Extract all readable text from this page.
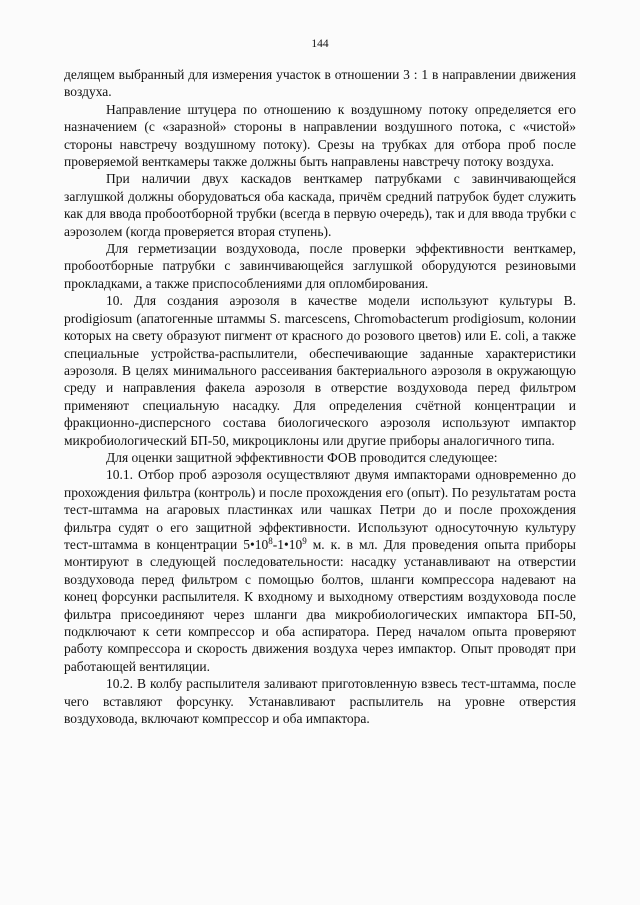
144

делящем выбранный для измерения участок в отношении 3 : 1 в направлении движения воздуха.

Направление штуцера по отношению к воздушному потоку определяется его назначением (с «заразной» стороны в направлении воздушного потока, с «чистой» стороны навстречу воздушному потоку). Срезы на трубках для отбора проб после проверяемой венткамеры также должны быть направлены навстречу потоку воздуха.

При наличии двух каскадов венткамер патрубками с завинчивающейся заглушкой должны оборудоваться оба каскада, причём средний патрубок будет служить как для ввода пробоотборной трубки (всегда в первую очередь), так и для ввода трубки с аэрозолем (когда проверяется вторая ступень).

Для герметизации воздуховода, после проверки эффективности венткамер, пробоотборные патрубки с завинчивающейся заглушкой оборудуются резиновыми прокладками, а также приспособлениями для опломбирования.

10. Для создания аэрозоля в качестве модели используют культуры B. prodigiosum (апатогенные штаммы S. marcescens, Chromobacterum prodigiosum, колонии которых на свету образуют пигмент от красного до розового цветов) или E. coli, а также специальные устройства-распылители, обеспечивающие заданные характеристики аэрозоля. В целях минимального рассеивания бактериального аэрозоля в окружающую среду и направления факела аэрозоля в отверстие воздуховода перед фильтром применяют специальную насадку. Для определения счётной концентрации и фракционно-дисперсного состава биологического аэрозоля используют импактор микробиологический БП-50, микроциклоны или другие приборы аналогичного типа.

Для оценки защитной эффективности ФОВ проводится следующее:

10.1. Отбор проб аэрозоля осуществляют двумя импакторами одновременно до прохождения фильтра (контроль) и после прохождения его (опыт). По результатам роста тест-штамма на агаровых пластинках или чашках Петри до и после прохождения фильтра судят о его защитной эффективности. Используют односуточную культуру тест-штамма в концентрации $5•10^8-1•10^9$ м. к. в мл. Для проведения опыта приборы монтируют в следующей последовательности: насадку устанавливают на отверстии воздуховода перед фильтром с помощью болтов, шланги компрессора надевают на конец форсунки распылителя. К входному и выходному отверстиям воздуховода после фильтра присоединяют через шланги два микробиологических импактора БП-50, подключают к сети компрессор и оба аспиратора. Перед началом опыта проверяют работу компрессора и скорость движения воздуха через импактор. Опыт проводят при работающей вентиляции.

10.2. В колбу распылителя заливают приготовленную взвесь тест-штамма, после чего вставляют форсунку. Устанавливают распылитель на уровне отверстия воздуховода, включают компрессор и оба импактора.
